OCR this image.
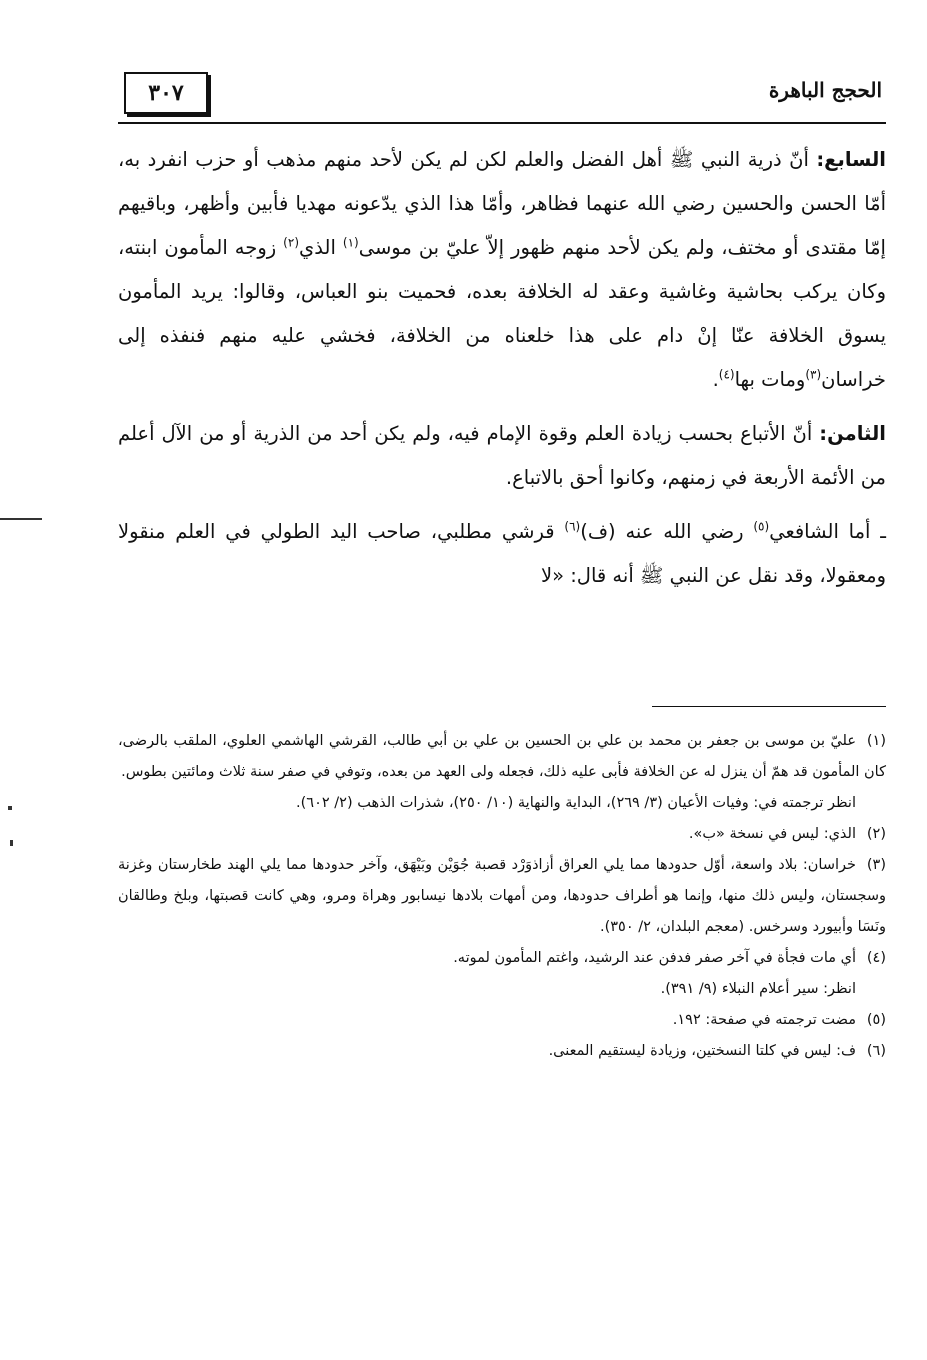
٣٠٧	الحجج الباهرة

السابع: أنّ ذرية النبي ﷺ أهل الفضل والعلم لكن لم يكن لأحد منهم مذهب أو حزب انفرد به، أمّا الحسن والحسين رضي الله عنهما فظاهر، وأمّا هذا الذي يدّعونه مهديا فأبين وأظهر، وباقيهم إمّا مقتدى أو مختف، ولم يكن لأحد منهم ظهور إلاّ عليّ بن موسى$^{(١)}$ الذي$^{(٢)}$ زوجه المأمون ابنته، وكان يركب بحاشية وغاشية وعقد له الخلافة بعده، فحميت بنو العباس، وقالوا: يريد المأمون يسوق الخلافة عنّا إنْ دام على هذا خلعناه من الخلافة، فخشي عليه منهم فنفذه إلى خراسان$^{(٣)}$ومات بها$^{(٤)}$.

الثامن: أنّ الأتباع بحسب زيادة العلم وقوة الإمام فيه، ولم يكن أحد من الذرية أو من الآل أعلم من الأئمة الأربعة في زمنهم، وكانوا أحق بالاتباع.

ـ أما الشافعي$^{(٥)}$ رضي الله عنه (ف)$^{(٦)}$ قرشي مطلبي، صاحب اليد الطولي في العلم منقولا ومعقولا، وقد نقل عن النبي ﷺ أنه قال: «لا

(١)عليّ بن موسى بن جعفر بن محمد بن علي بن الحسين بن علي بن أبي طالب، القرشي الهاشمي العلوي، الملقب بالرضى، كان المأمون قد همّ أن ينزل له عن الخلافة فأبى عليه ذلك، فجعله ولى العهد من بعده، وتوفي في صفر سنة ثلاث ومائتين بطوس.

انظر ترجمته في: وفيات الأعيان (٣/ ٢٦٩)، البداية والنهاية (١٠/ ٢٥٠)، شذرات الذهب (٢/ ٦٠٢).

(٢)الذي: ليس في نسخة «ب».

(٣)خراسان: بلاد واسعة، أوّل حدودها مما يلي العراق أزاذوَرْد قصبة جُوَيْن وبَيْهَق، وآخر حدودها مما يلي الهند طخارستان وغزنة وسجستان، وليس ذلك منها، وإنما هو أطراف حدودها، ومن أمهات بلادها نيسابور وهراة ومرو، وهي كانت قصبتها، وبلخ وطالقان ونَسَا وأبيورد وسرخس. (معجم البلدان، ٢/ ٣٥٠).

(٤)أي مات فجأة في آخر صفر فدفن عند الرشيد، واغتم المأمون لموته.

انظر: سير أعلام النبلاء (٩/ ٣٩١).

(٥)مضت ترجمته في صفحة: ١٩٢.

(٦)ف: ليس في كلتا النسختين، وزيادة ليستقيم المعنى.
